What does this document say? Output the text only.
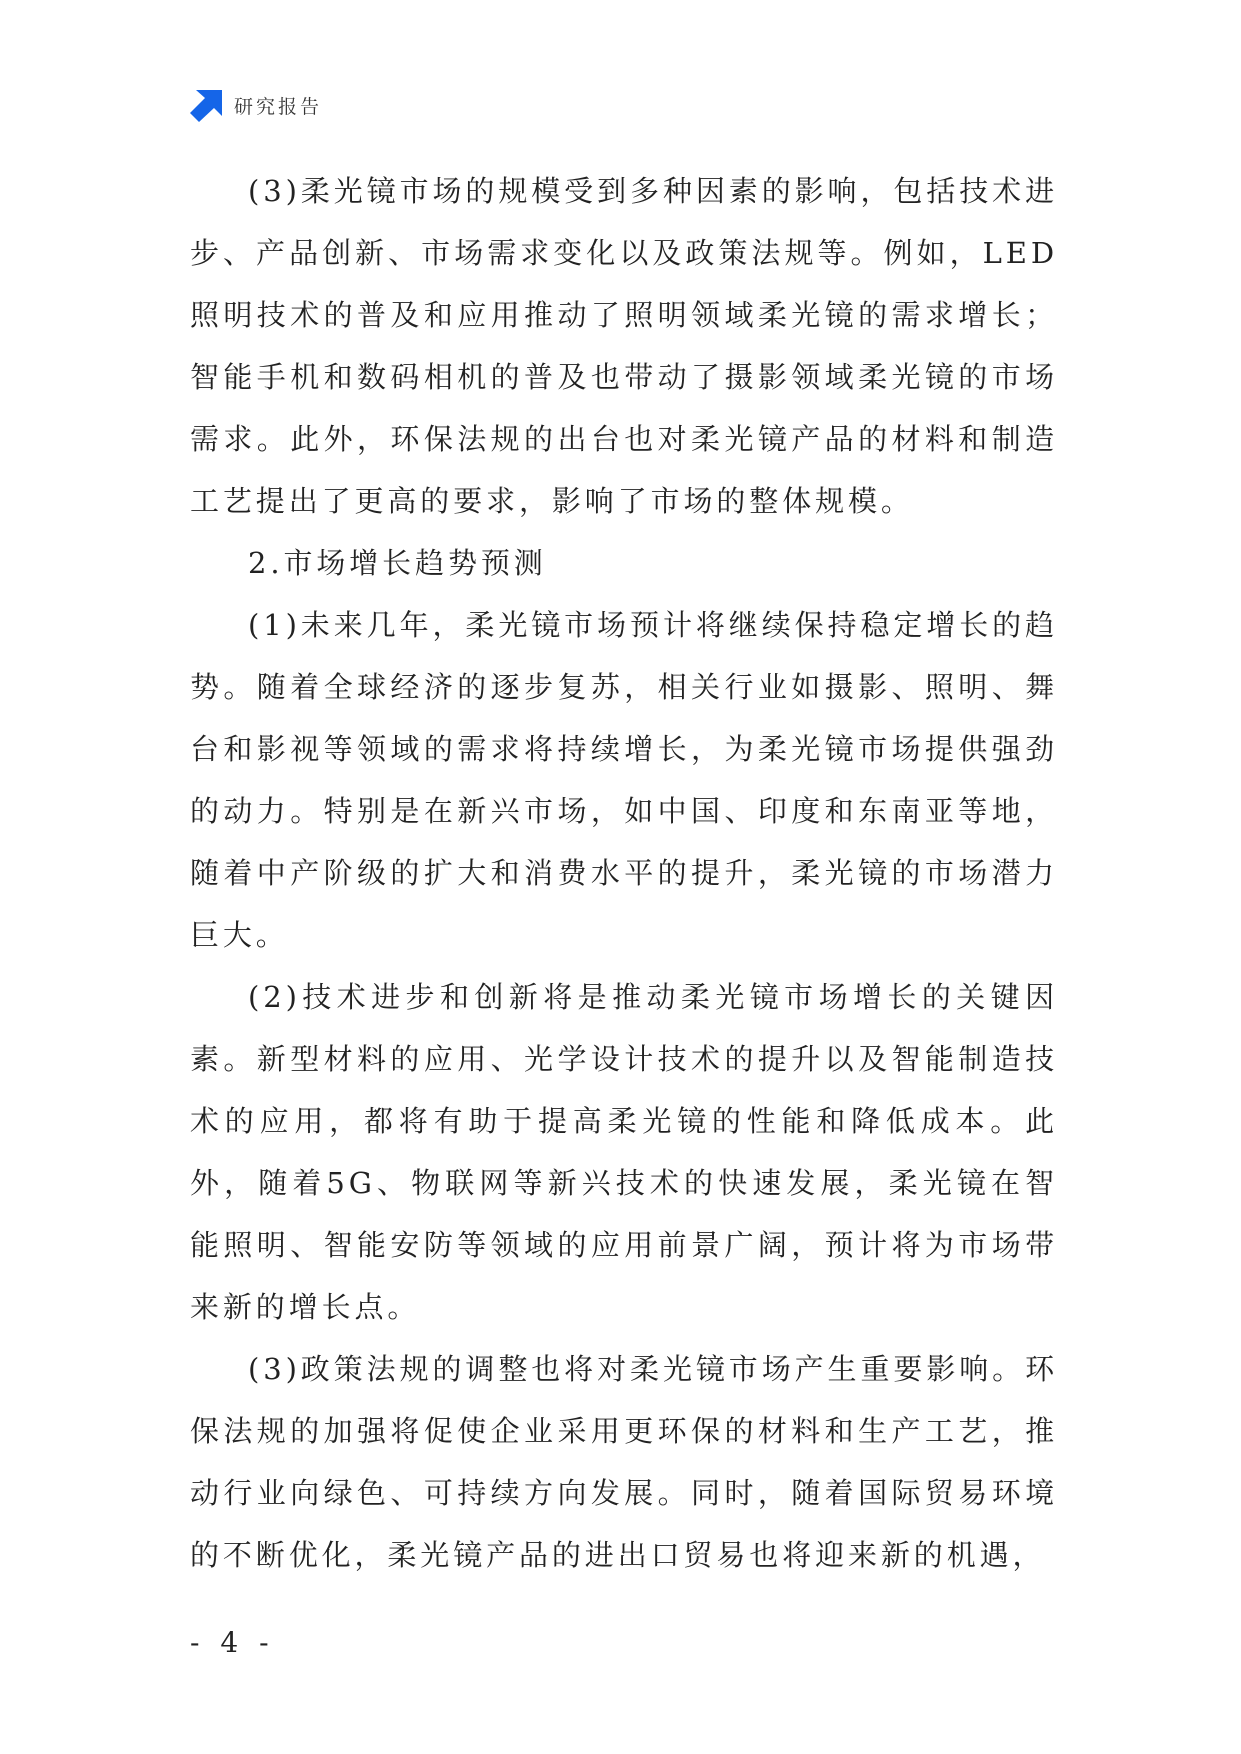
研究报告

(3)柔光镜市场的规模受到多种因素的影响，包括技术进步、产品创新、市场需求变化以及政策法规等。例如，LED照明技术的普及和应用推动了照明领域柔光镜的需求增长；智能手机和数码相机的普及也带动了摄影领域柔光镜的市场需求。此外，环保法规的出台也对柔光镜产品的材料和制造工艺提出了更高的要求，影响了市场的整体规模。

2.市场增长趋势预测

(1)未来几年，柔光镜市场预计将继续保持稳定增长的趋势。随着全球经济的逐步复苏，相关行业如摄影、照明、舞台和影视等领域的需求将持续增长，为柔光镜市场提供强劲的动力。特别是在新兴市场，如中国、印度和东南亚等地，随着中产阶级的扩大和消费水平的提升，柔光镜的市场潜力巨大。

(2)技术进步和创新将是推动柔光镜市场增长的关键因素。新型材料的应用、光学设计技术的提升以及智能制造技术的应用，都将有助于提高柔光镜的性能和降低成本。此外，随着5G、物联网等新兴技术的快速发展，柔光镜在智能照明、智能安防等领域的应用前景广阔，预计将为市场带来新的增长点。

(3)政策法规的调整也将对柔光镜市场产生重要影响。环保法规的加强将促使企业采用更环保的材料和生产工艺，推动行业向绿色、可持续方向发展。同时，随着国际贸易环境的不断优化，柔光镜产品的进出口贸易也将迎来新的机遇，

- 4 -
